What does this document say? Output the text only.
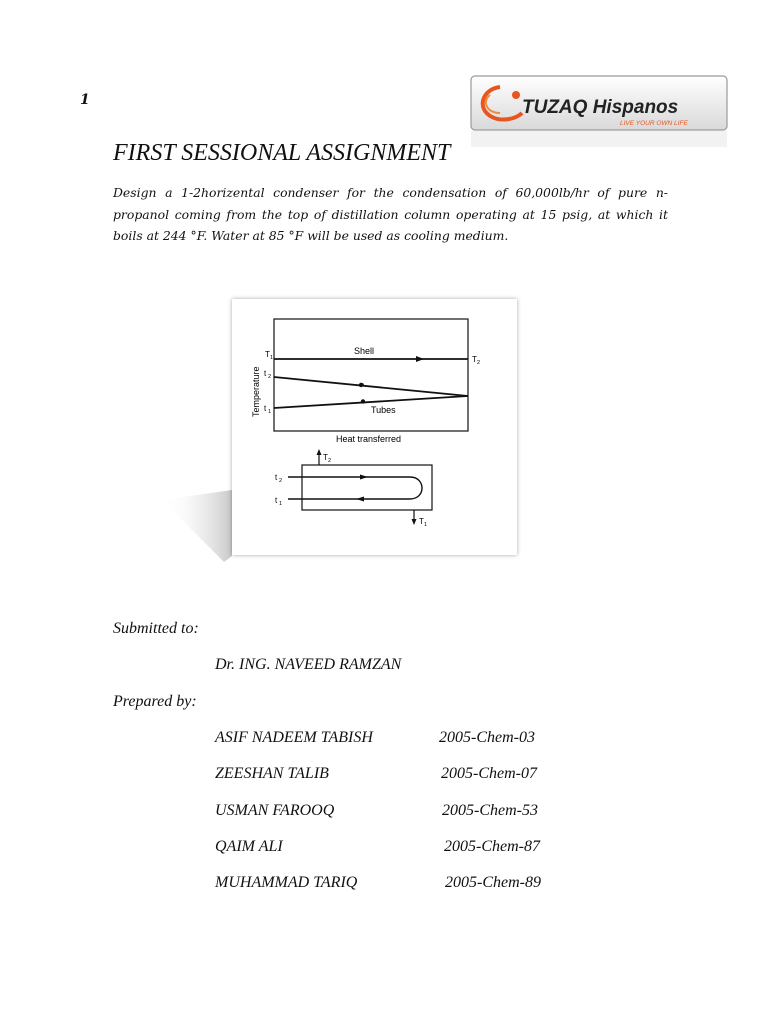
1	TUZAQ Hispanos
LIVE YOUR OWN LIFE
FIRST SESSIONAL ASSIGNMENT
Design a 1-2horizental condenser for the condensation of 60,000lb/hr of pure n-propanol coming from the top of distillation column operating at 15 psig, at which it boils at 244 °F. Water at 85 °F will be used as cooling medium.
Shell
Tubes
Heat transferred
Temperature
T 1
t 2
t 1
T 2
T 2
T 1
t 2
t 1
Submitted to:
Dr. ING. NAVEED RAMZAN
Prepared by:
ASIF NADEEM TABISH	2005-Chem-03
ZEESHAN TALIB	2005-Chem-07
USMAN FAROOQ	2005-Chem-53
QAIM ALI	2005-Chem-87
MUHAMMAD TARIQ	2005-Chem-89
